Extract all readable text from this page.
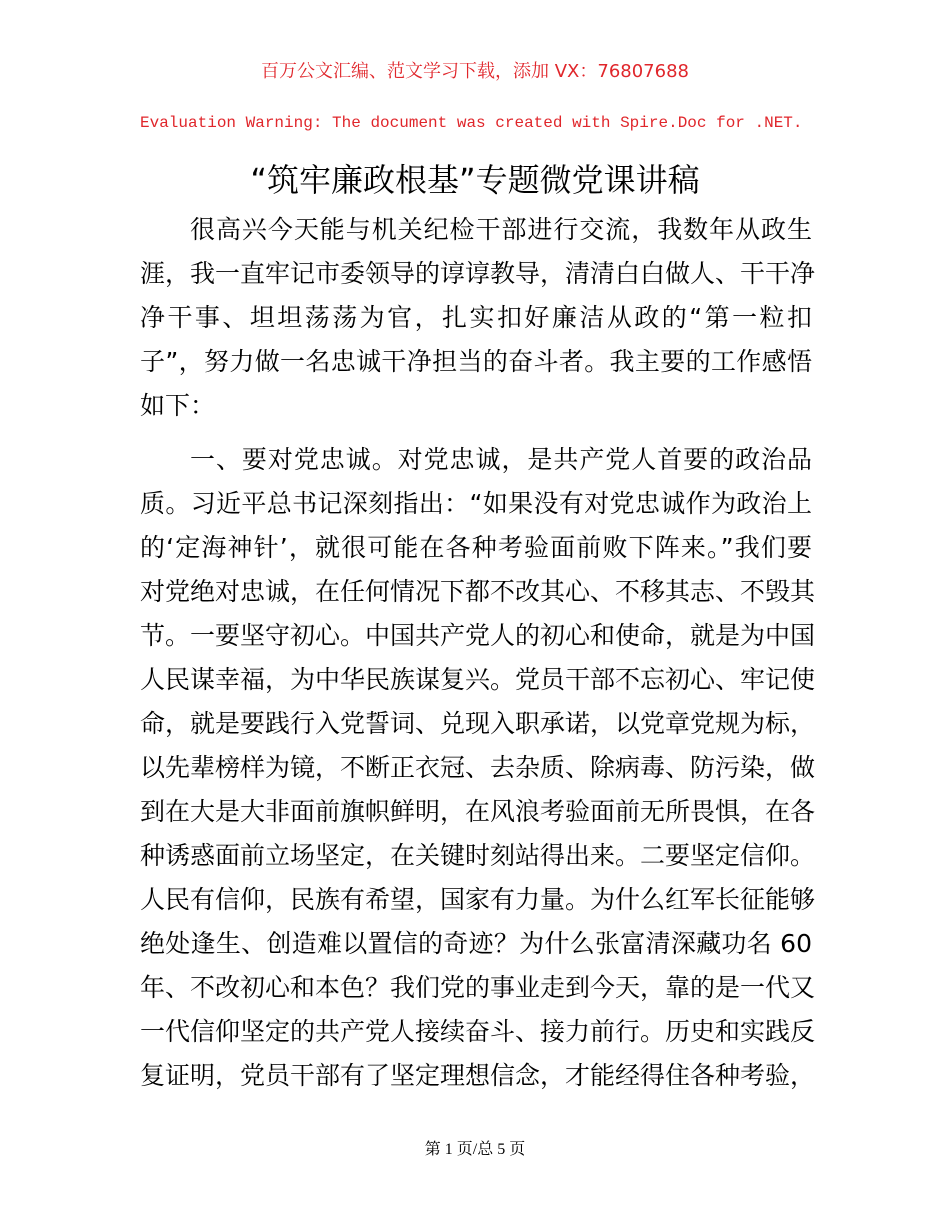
百万公文汇编、范文学习下载，添加 VX：76807688
Evaluation Warning: The document was created with Spire.Doc for .NET.
“筑牢廉政根基”专题微党课讲稿
很高兴今天能与机关纪检干部进行交流，我数年从政生
涯，我一直牢记市委领导的谆谆教导，清清白白做人、干干净
净干事、坦坦荡荡为官，扎实扣好廉洁从政的“第一粒扣
子”，努力做一名忠诚干净担当的奋斗者。我主要的工作感悟
如下：
一、要对党忠诚。对党忠诚，是共产党人首要的政治品
质。习近平总书记深刻指出：“如果没有对党忠诚作为政治上
的‘定海神针’，就很可能在各种考验面前败下阵来。”我们要
对党绝对忠诚，在任何情况下都不改其心、不移其志、不毁其
节。一要坚守初心。中国共产党人的初心和使命，就是为中国
人民谋幸福，为中华民族谋复兴。党员干部不忘初心、牢记使
命，就是要践行入党誓词、兑现入职承诺，以党章党规为标，
以先辈榜样为镜，不断正衣冠、去杂质、除病毒、防污染，做
到在大是大非面前旗帜鲜明，在风浪考验面前无所畏惧，在各
种诱惑面前立场坚定，在关键时刻站得出来。二要坚定信仰。
人民有信仰，民族有希望，国家有力量。为什么红军长征能够
绝处逢生、创造难以置信的奇迹？为什么张富清深藏功名 60
年、不改初心和本色？我们党的事业走到今天，靠的是一代又
一代信仰坚定的共产党人接续奋斗、接力前行。历史和实践反
复证明，党员干部有了坚定理想信念，才能经得住各种考验，
第 1 页/总 5 页
